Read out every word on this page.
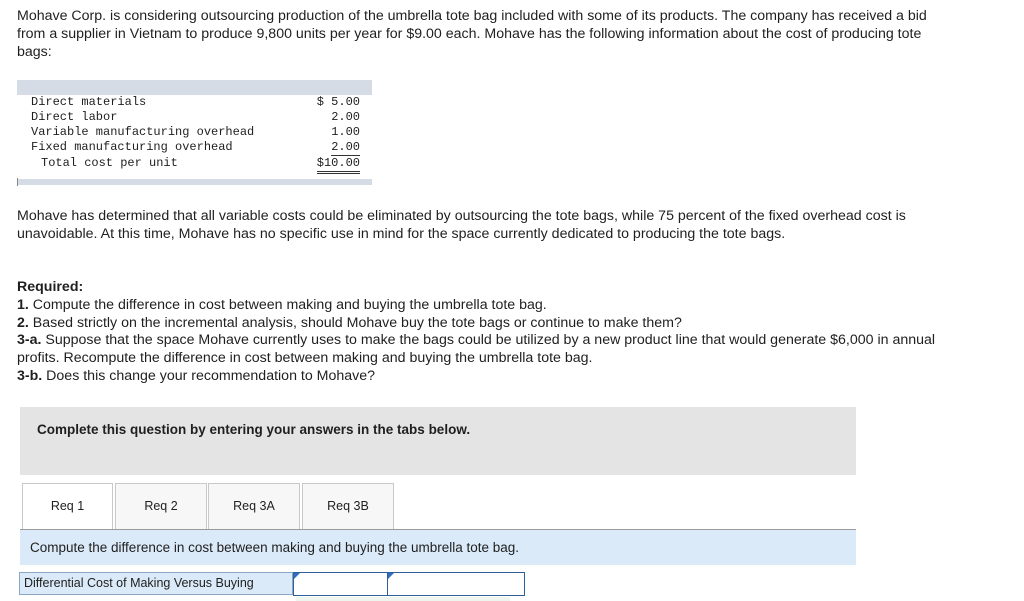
Mohave Corp. is considering outsourcing production of the umbrella tote bag included with some of its products. The company has received a bid from a supplier in Vietnam to produce 9,800 units per year for $9.00 each. Mohave has the following information about the cost of producing tote bags:

Direct materials	$ 5.00
Direct labor	2.00
Variable manufacturing overhead	1.00
Fixed manufacturing overhead	2.00
Total cost per unit	$10.00

Mohave has determined that all variable costs could be eliminated by outsourcing the tote bags, while 75 percent of the fixed overhead cost is unavoidable. At this time, Mohave has no specific use in mind for the space currently dedicated to producing the tote bags.

Required:
1. Compute the difference in cost between making and buying the umbrella tote bag.
2. Based strictly on the incremental analysis, should Mohave buy the tote bags or continue to make them?
3-a. Suppose that the space Mohave currently uses to make the bags could be utilized by a new product line that would generate $6,000 in annual profits. Recompute the difference in cost between making and buying the umbrella tote bag.
3-b. Does this change your recommendation to Mohave?
Complete this question by entering your answers in the tabs below.
Req 1	Req 2	Req 3A	Req 3B
Compute the difference in cost between making and buying the umbrella tote bag.
Differential Cost of Making Versus Buying
